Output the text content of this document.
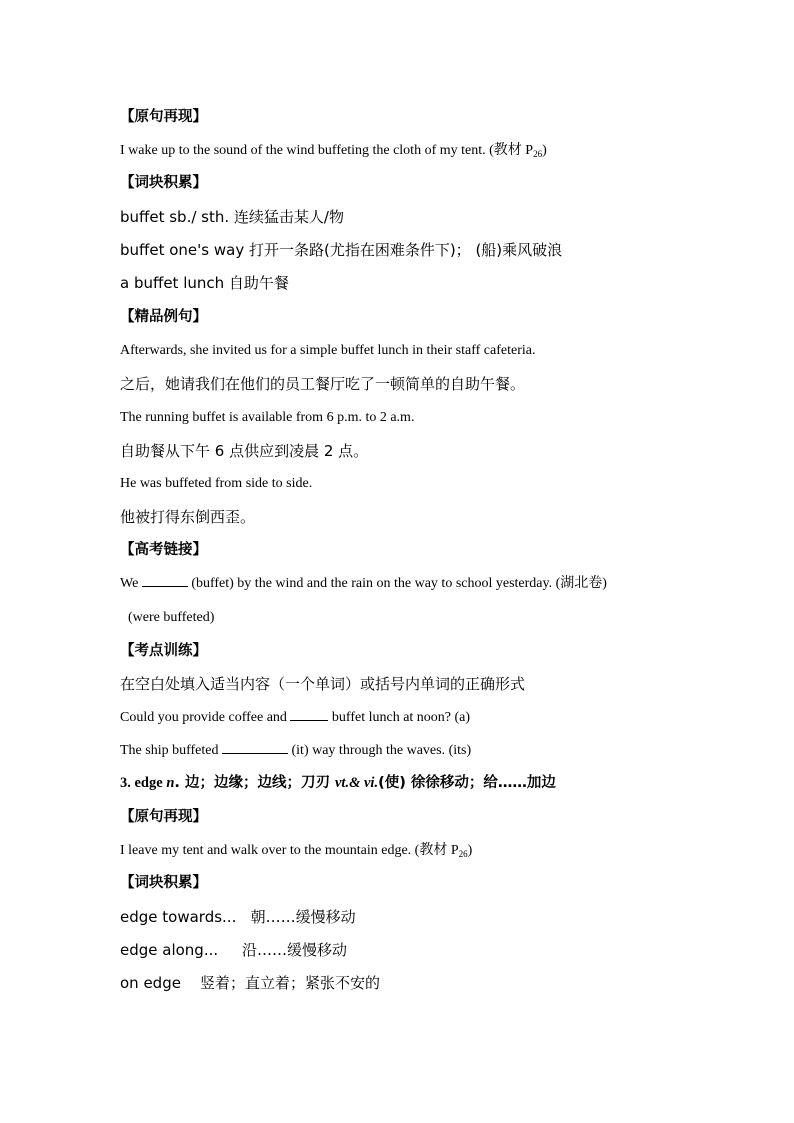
【原句再现】
I wake up to the sound of the wind buffeting the cloth of my tent. (教材 $P_{26}$)
【词块积累】
buffet sb./ sth. 连续猛击某人/物
buffet one's way 打开一条路(尤指在困难条件下)； (船)乘风破浪
a buffet lunch 自助午餐
【精品例句】
Afterwards, she invited us for a simple buffet lunch in their staff cafeteria.
之后，她请我们在他们的员工餐厅吃了一顿简单的自助午餐。
The running buffet is available from 6 p.m. to 2 a.m.
自助餐从下午 6 点供应到凌晨 2 点。
He was buffeted from side to side.
他被打得东倒西歪。
【高考链接】
We	(buffet) by the wind and the rain on the way to school yesterday. (湖北卷)
(were buffeted)
【考点训练】
在空白处填入适当内容（一个单词）或括号内单词的正确形式
Could you provide coffee and	buffet lunch at noon? (a)
The ship buffeted	(it) way through the waves. (its)
3. edge n. 边；边缘；边线；刀刃 vt.& vi.(使) 徐徐移动；给……加边
【原句再现】
I leave my tent and walk over to the mountain edge. (教材 $P_{26}$)
【词块积累】
edge towards...   朝……缓慢移动
edge along...     沿……缓慢移动
on edge    竖着；直立着；紧张不安的
